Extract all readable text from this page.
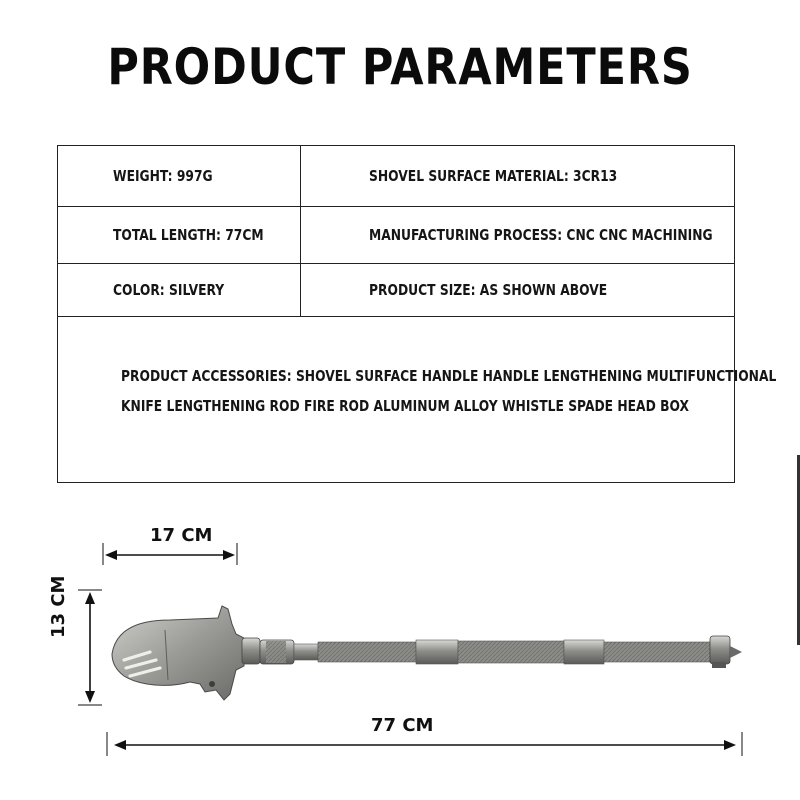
PRODUCT PARAMETERS
WEIGHT: 997G	SHOVEL SURFACE MATERIAL: 3CR13
TOTAL LENGTH: 77CM	MANUFACTURING PROCESS: CNC CNC MACHINING
COLOR: SILVERY	PRODUCT SIZE: AS SHOWN ABOVE
PRODUCT ACCESSORIES: SHOVEL SURFACE HANDLE HANDLE LENGTHENING MULTIFUNCTIONAL
KNIFE LENGTHENING ROD FIRE ROD ALUMINUM ALLOY WHISTLE SPADE HEAD BOX
17 CM
13 CM
77 CM
